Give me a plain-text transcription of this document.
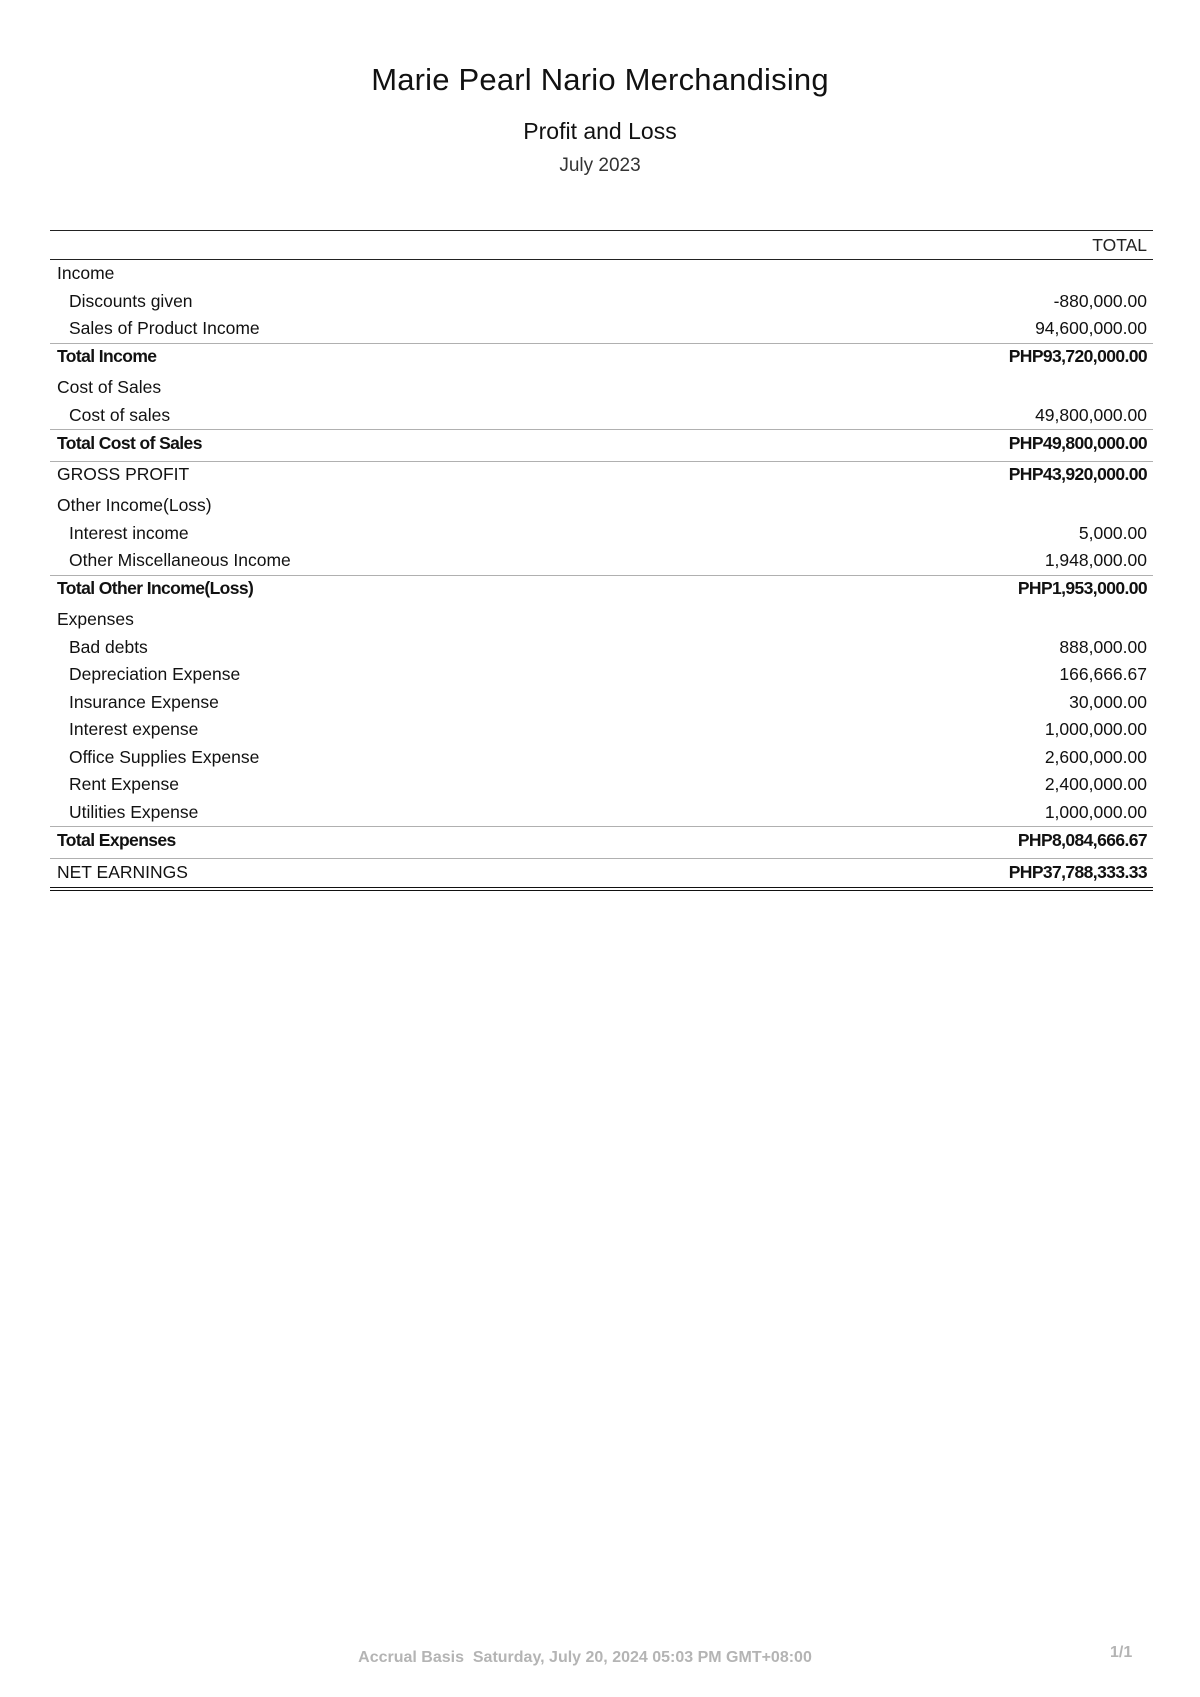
Marie Pearl Nario Merchandising
Profit and Loss
July 2023
TOTAL
Income
Discounts given	-880,000.00
Sales of Product Income	94,600,000.00
Total Income	PHP93,720,000.00
Cost of Sales
Cost of sales	49,800,000.00
Total Cost of Sales	PHP49,800,000.00
GROSS PROFIT	PHP43,920,000.00
Other Income(Loss)
Interest income	5,000.00
Other Miscellaneous Income	1,948,000.00
Total Other Income(Loss)	PHP1,953,000.00
Expenses
Bad debts	888,000.00
Depreciation Expense	166,666.67
Insurance Expense	30,000.00
Interest expense	1,000,000.00
Office Supplies Expense	2,600,000.00
Rent Expense	2,400,000.00
Utilities Expense	1,000,000.00
Total Expenses	PHP8,084,666.67
NET EARNINGS	PHP37,788,333.33
Accrual Basis  Saturday, July 20, 2024 05:03 PM GMT+08:00	1/1
